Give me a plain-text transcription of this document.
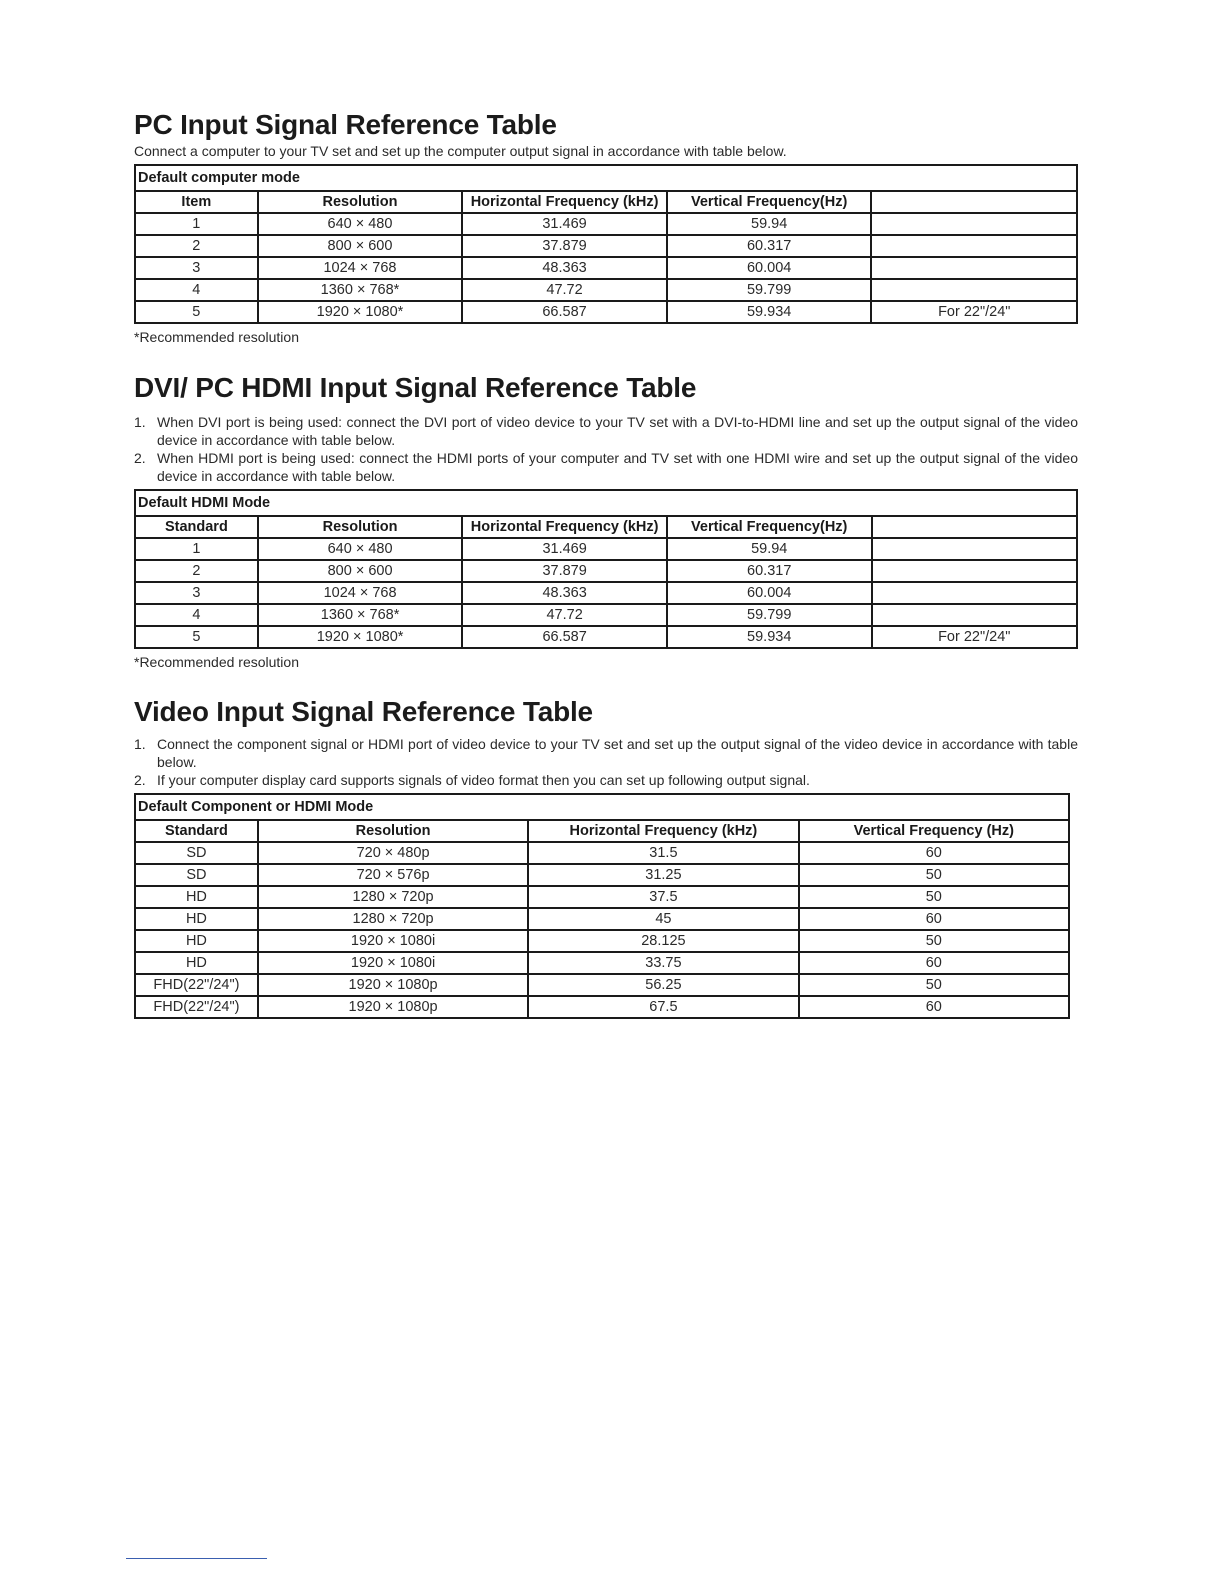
PC Input Signal Reference Table

Connect a computer to your TV set and set up the computer output signal in accordance with table below.

Default computer mode				
Item	Resolution	Horizontal Frequency (kHz)	Vertical Frequency(Hz)	
1	640 × 480	31.469	59.94	
2	800 × 600	37.879	60.317	
3	1024 × 768	48.363	60.004	
4	1360 × 768*	47.72	59.799	
5	1920 × 1080*	66.587	59.934	For 22"/24"

*Recommended resolution

DVI/ PC HDMI Input Signal Reference Table
1. When DVI port is being used: connect the DVI port of video device to your TV set with a DVI-to-HDMI line and set up the output signal of the video device in accordance with table below.
2. When HDMI port is being used: connect the HDMI ports of your computer and TV set with one HDMI wire and set up the output signal of the video device in accordance with table below.
Default HDMI Mode				
Standard	Resolution	Horizontal Frequency (kHz)	Vertical Frequency(Hz)	
1	640 × 480	31.469	59.94	
2	800 × 600	37.879	60.317	
3	1024 × 768	48.363	60.004	
4	1360 × 768*	47.72	59.799	
5	1920 × 1080*	66.587	59.934	For 22"/24"

*Recommended resolution

Video Input Signal Reference Table
1. Connect the component signal or HDMI port of video device to your TV set and set up the output signal of the video device in accordance with table below.
2. If your computer display card supports signals of video format then you can set up following output signal.
Default Component or HDMI Mode			
Standard	Resolution	Horizontal Frequency (kHz)	Vertical Frequency (Hz)
SD	720 × 480p	31.5	60
SD	720 × 576p	31.25	50
HD	1280 × 720p	37.5	50
HD	1280 × 720p	45	60
HD	1920 × 1080i	28.125	50
HD	1920 × 1080i	33.75	60
FHD(22"/24")	1920 × 1080p	56.25	50
FHD(22"/24")	1920 × 1080p	67.5	60
